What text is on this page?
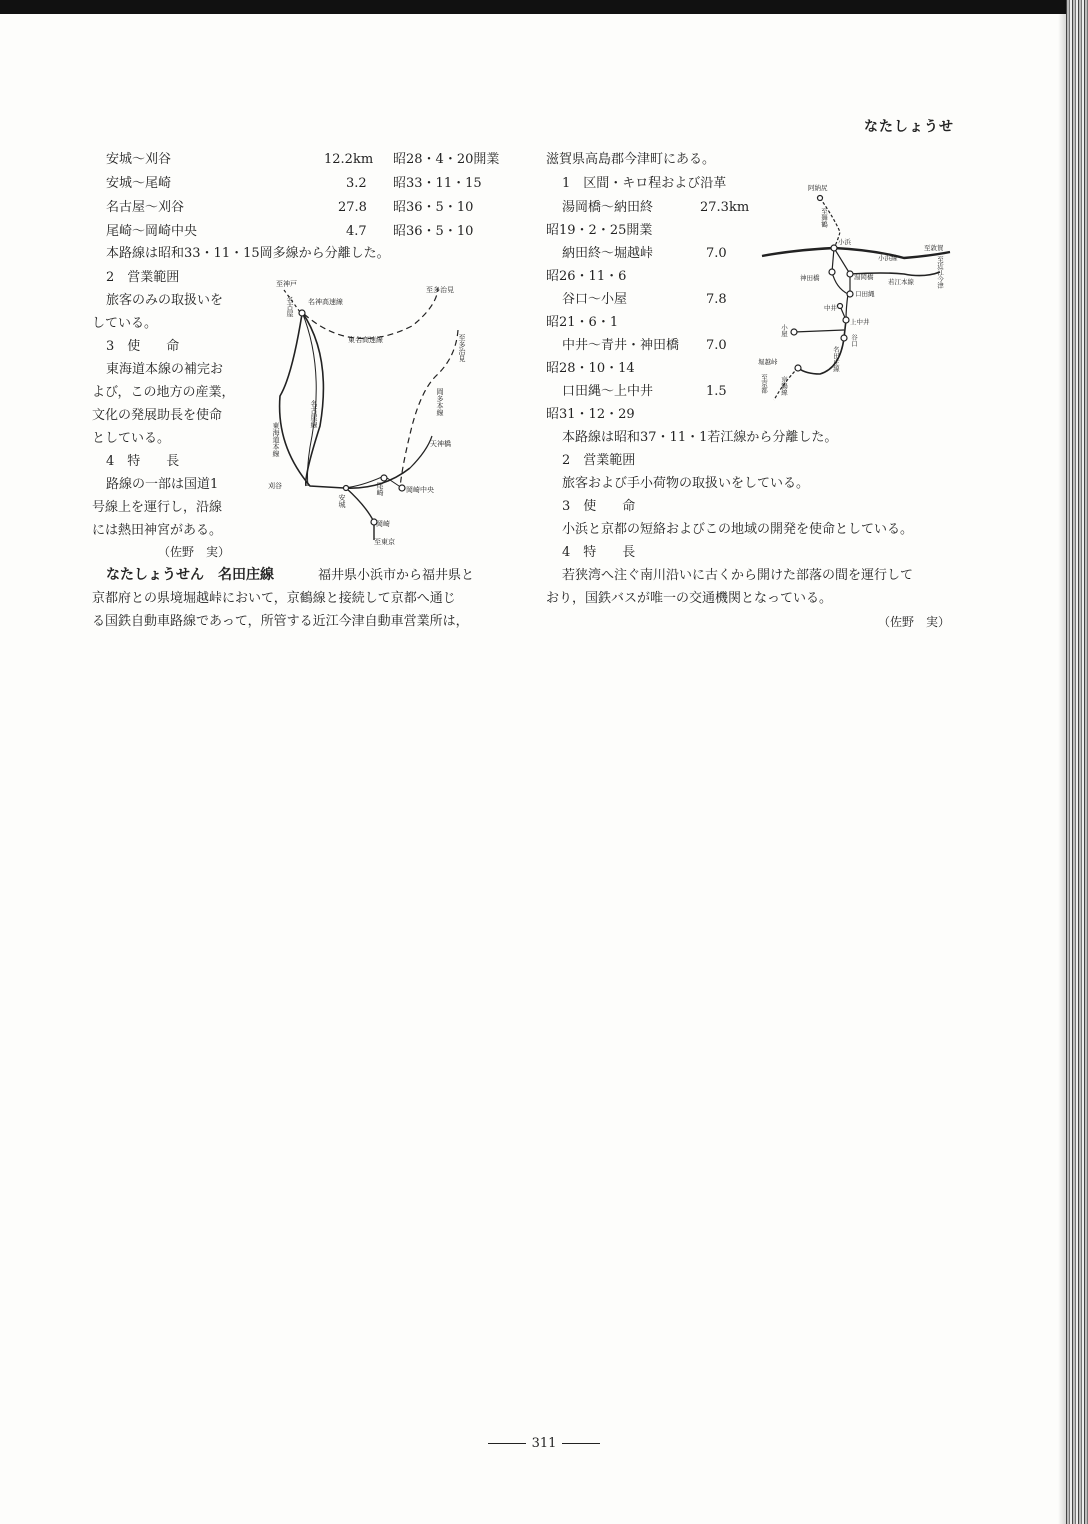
なたしょうせ
安城～刈谷	12.2km 昭28・4・20開業
安城～尾崎	3.2 昭33・11・15
名古屋～刈谷	27.8 昭36・5・10
尾崎～岡崎中央	4.7 昭36・5・10
本路線は昭和33・11・15岡多線から分離した。
2　営業範囲
旅客のみの取扱いを
している。
3　使　　命
東海道本線の補完お
よび，この地方の産業，
文化の発展助長を使命
としている。
4　特　　長
路線の一部は国道1
号線上を運行し，沿線
には熱田神宮がある。
（佐野　実）
至神戸
名神高速線
至多治見
東名高速線
刈谷
天神橋
岡崎中央
岡崎
至東京
名古屋
至多治見
名古屋線
東海道本線
岡多本線
安城
尾崎
なたしょうせん　名田庄線	福井県小浜市から福井県と
京都府との県境堀越峠において，京鶴線と接続して京都へ通じ
る国鉄自動車路線であって，所管する近江今津自動車営業所は，
滋賀県高島郡今津町にある。
1　区間・キロ程および沿革
湯岡橋～納田終	27.3km
昭19・2・25開業
納田終～堀越峠	7.0
昭26・11・6
谷口～小屋	7.8
昭21・6・1
中井～青井・神田橋 7.0
昭28・10・14
口田縄～上中井	1.5
昭31・12・29
本路線は昭和37・11・1若江線から分離した。
2　営業範囲
旅客および手小荷物の取扱いをしている。
3　使　　命
小浜と京都の短絡およびこの地域の開発を使命としている。
4　特　　長
若狭湾へ注ぐ南川沿いに古くから開けた部落の間を運行して
おり，国鉄バスが唯一の交通機関となっている。
（佐野　実）
阿納尻
小浜
小浜線
至敦賀
神田橋	湯岡橋
若江本線
口田縄
中井
上中井
堀越峠
至舞鶴
至近江今津
小屋
谷口
名田庄線
至京都 京鶴線
311
